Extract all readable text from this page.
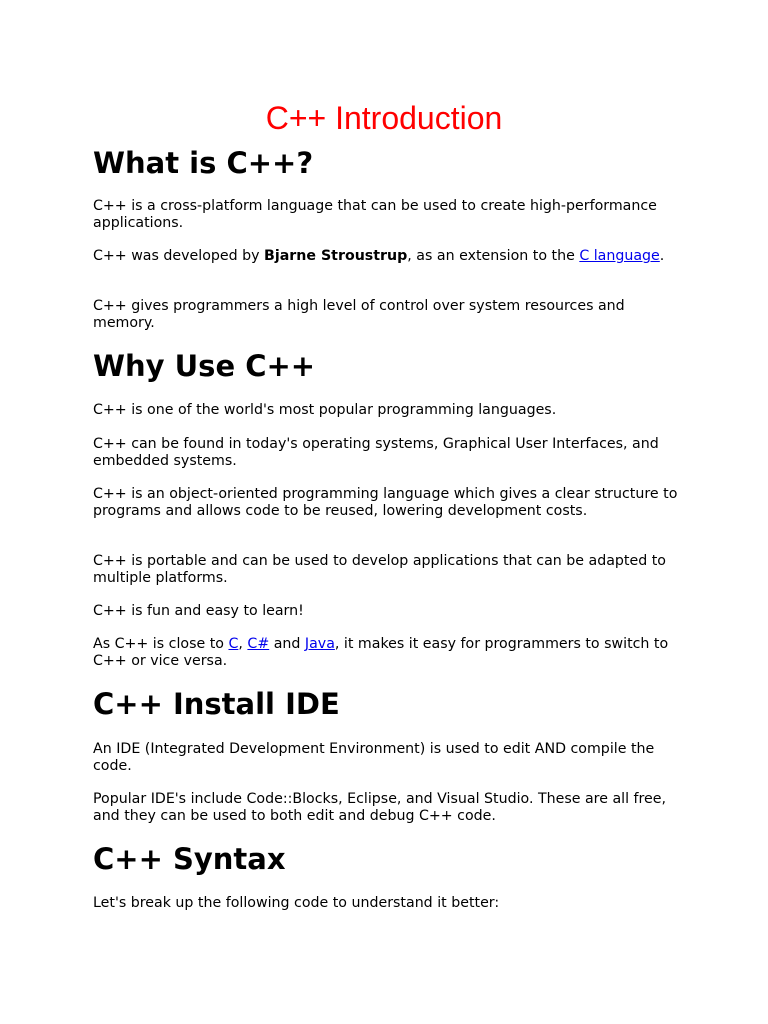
C++ Introduction
What is C++?

C++ is a cross-platform language that can be used to create high-performance applications.

C++ was developed by Bjarne Stroustrup, as an extension to the C language.

C++ gives programmers a high level of control over system resources and memory.

Why Use C++

C++ is one of the world's most popular programming languages.

C++ can be found in today's operating systems, Graphical User Interfaces, and embedded systems.

C++ is an object-oriented programming language which gives a clear structure to programs and allows code to be reused, lowering development costs.

C++ is portable and can be used to develop applications that can be adapted to multiple platforms.

C++ is fun and easy to learn!

As C++ is close to C, C# and Java, it makes it easy for programmers to switch to C++ or vice versa.

C++ Install IDE

An IDE (Integrated Development Environment) is used to edit AND compile the code.

Popular IDE's include Code::Blocks, Eclipse, and Visual Studio. These are all free, and they can be used to both edit and debug C++ code.

C++ Syntax

Let's break up the following code to understand it better:
